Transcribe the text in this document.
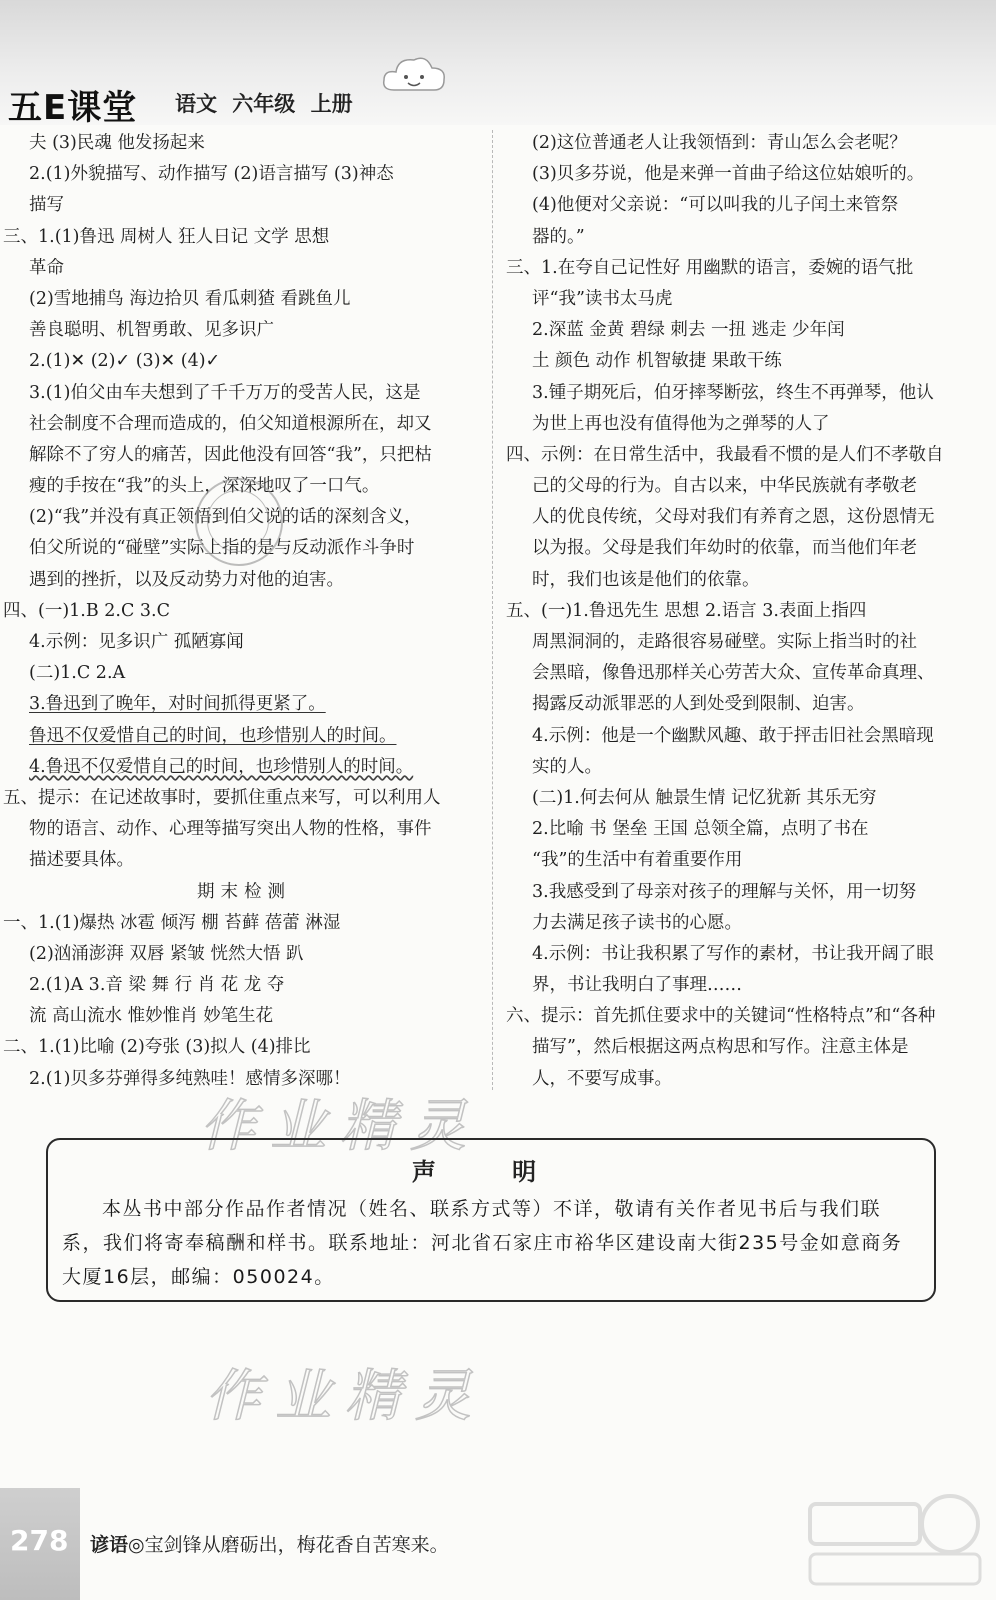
五E课堂 语文 六年级 上册
夫 (3)民魂 他发扬起来
2.(1)外貌描写、动作描写 (2)语言描写 (3)神态
描写
三、1.(1)鲁迅 周树人 狂人日记 文学 思想
革命
(2)雪地捕鸟 海边拾贝 看瓜刺猹 看跳鱼儿
善良聪明、机智勇敢、见多识广
2.(1)✕ (2)✓ (3)✕ (4)✓
3.(1)伯父由车夫想到了千千万万的受苦人民，这是
社会制度不合理而造成的，伯父知道根源所在，却又
解除不了穷人的痛苦，因此他没有回答“我”，只把枯
瘦的手按在“我”的头上，深深地叹了一口气。
(2)“我”并没有真正领悟到伯父说的话的深刻含义，
伯父所说的“碰壁”实际上指的是与反动派作斗争时
遇到的挫折，以及反动势力对他的迫害。
四、(一)1.B 2.C 3.C
4.示例：见多识广 孤陋寡闻
(二)1.C 2.A
3.鲁迅到了晚年，对时间抓得更紧了。
鲁迅不仅爱惜自己的时间，也珍惜别人的时间。
4.鲁迅不仅爱惜自己的时间，也珍惜别人的时间。
五、提示：在记述故事时，要抓住重点来写，可以利用人
物的语言、动作、心理等描写突出人物的性格，事件
描述要具体。
期末检测
一、1.(1)爆热 冰雹 倾泻 棚 苔藓 蓓蕾 淋湿
(2)汹涌澎湃 双唇 紧皱 恍然大悟 趴
2.(1)A 3.音 梁 舞 行 肖 花 龙 夺
流 高山流水 惟妙惟肖 妙笔生花
二、1.(1)比喻 (2)夸张 (3)拟人 (4)排比
2.(1)贝多芬弹得多纯熟哇！感情多深哪！
(2)这位普通老人让我领悟到：青山怎么会老呢？
(3)贝多芬说，他是来弹一首曲子给这位姑娘听的。
(4)他便对父亲说：“可以叫我的儿子闰土来管祭
器的。”
三、1.在夸自己记性好 用幽默的语言，委婉的语气批
评“我”读书太马虎
2.深蓝 金黄 碧绿 刺去 一扭 逃走 少年闰
土 颜色 动作 机智敏捷 果敢干练
3.锺子期死后，伯牙摔琴断弦，终生不再弹琴，他认
为世上再也没有值得他为之弹琴的人了
四、示例：在日常生活中，我最看不惯的是人们不孝敬自
己的父母的行为。自古以来，中华民族就有孝敬老
人的优良传统，父母对我们有养育之恩，这份恩情无
以为报。父母是我们年幼时的依靠，而当他们年老
时，我们也该是他们的依靠。
五、(一)1.鲁迅先生 思想 2.语言 3.表面上指四
周黑洞洞的，走路很容易碰壁。实际上指当时的社
会黑暗，像鲁迅那样关心劳苦大众、宣传革命真理、
揭露反动派罪恶的人到处受到限制、迫害。
4.示例：他是一个幽默风趣、敢于抨击旧社会黑暗现
实的人。
(二)1.何去何从 触景生情 记忆犹新 其乐无穷
2.比喻 书 堡垒 王国 总领全篇，点明了书在
“我”的生活中有着重要作用
3.我感受到了母亲对孩子的理解与关怀，用一切努
力去满足孩子读书的心愿。
4.示例：书让我积累了写作的素材，书让我开阔了眼
界，书让我明白了事理……
六、提示：首先抓住要求中的关键词“性格特点”和“各种
描写”，然后根据这两点构思和写作。注意主体是
人，不要写成事。
作业精灵
声 明
本丛书中部分作品作者情况（姓名、联系方式等）不详，敬请有关作者见书后与我们联系，我们将寄奉稿酬和样书。联系地址：河北省石家庄市裕华区建设南大街235号金如意商务大厦16层，邮编：050024。
作业精灵
278 谚语◎宝剑锋从磨砺出，梅花香自苦寒来。
